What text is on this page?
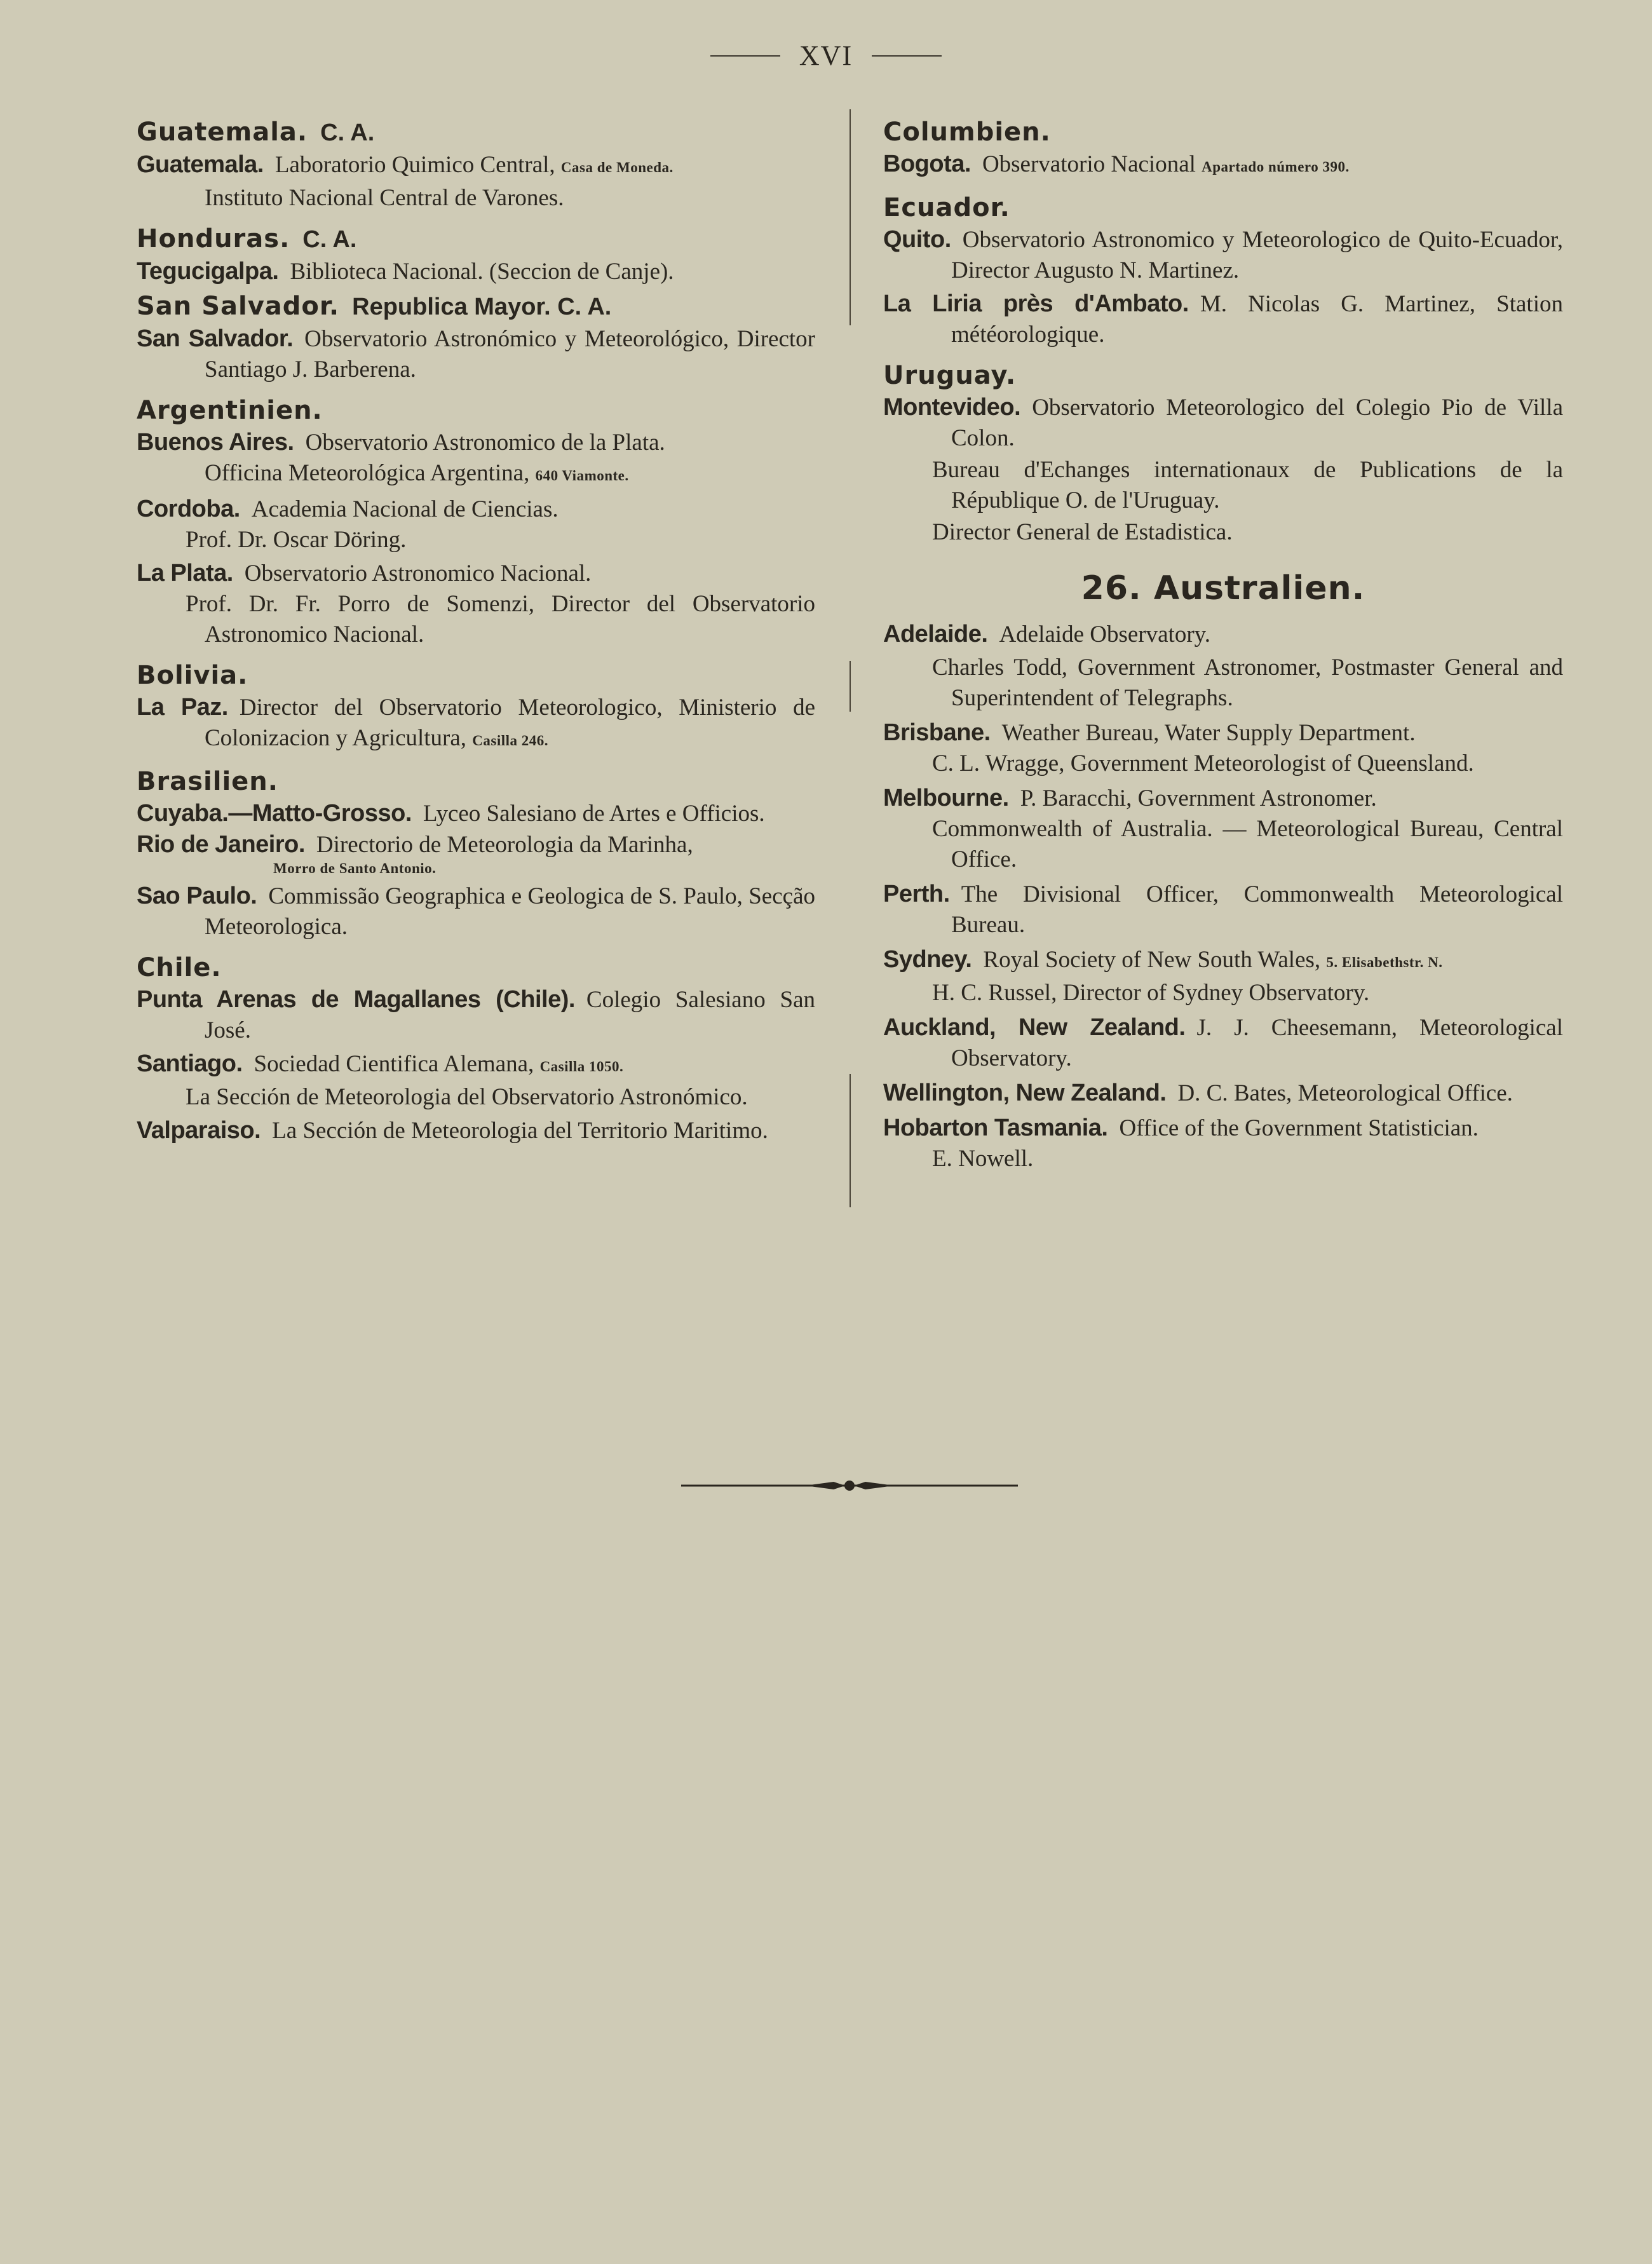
XVI
Guatemala. C. A.
Guatemala. Laboratorio Quimico Central, Casa de Moneda.
Instituto Nacional Central de Varones.
Honduras. C. A.
Tegucigalpa. Biblioteca Nacional. (Seccion de Canje).
San Salvador. Republica Mayor. C. A.
San Salvador. Observatorio Astronómico y Meteorológico, Director Santiago J. Barberena.
Argentinien.
Buenos Aires. Observatorio Astronomico de la Plata.
Officina Meteorológica Argentina, 640 Viamonte.
Cordoba. Academia Nacional de Ciencias.
Prof. Dr. Oscar Döring.
La Plata. Observatorio Astronomico Nacional.
Prof. Dr. Fr. Porro de Somenzi, Director del Observatorio Astronomico Nacional.
Bolivia.
La Paz. Director del Observatorio Meteorologico, Ministerio de Colonizacion y Agricultura, Casilla 246.
Brasilien.
Cuyaba.—Matto-Grosso. Lyceo Salesiano de Artes e Officios.
Rio de Janeiro. Directorio de Meteorologia da Marinha,
Morro de Santo Antonio.
Sao Paulo. Commissão Geographica e Geologica de S. Paulo, Secção Meteorologica.
Chile.
Punta Arenas de Magallanes (Chile). Colegio Salesiano San José.
Santiago. Sociedad Cientifica Alemana, Casilla 1050.
La Sección de Meteorologia del Observatorio Astronómico.
Valparaiso. La Sección de Meteorologia del Territorio Maritimo.
Columbien.
Bogota. Observatorio Nacional Apartado número 390.
Ecuador.
Quito. Observatorio Astronomico y Meteorologico de Quito-Ecuador, Director Augusto N. Martinez.
La Liria près d'Ambato. M. Nicolas G. Martinez, Station météorologique.
Uruguay.
Montevideo. Observatorio Meteorologico del Colegio Pio de Villa Colon.
Bureau d'Echanges internationaux de Publications de la République O. de l'Uruguay.
Director General de Estadistica.
26. Australien.
Adelaide. Adelaide Observatory.
Charles Todd, Government Astronomer, Postmaster General and Superintendent of Telegraphs.
Brisbane. Weather Bureau, Water Supply Department.
C. L. Wragge, Government Meteorologist of Queensland.
Melbourne. P. Baracchi, Government Astronomer.
Commonwealth of Australia. — Meteorological Bureau, Central Office.
Perth. The Divisional Officer, Commonwealth Meteorological Bureau.
Sydney. Royal Society of New South Wales, 5. Elisabethstr. N.
H. C. Russel, Director of Sydney Observatory.
Auckland, New Zealand. J. J. Cheesemann, Meteorological Observatory.
Wellington, New Zealand. D. C. Bates, Meteorological Office.
Hobarton Tasmania. Office of the Government Statistician.
E. Nowell.
